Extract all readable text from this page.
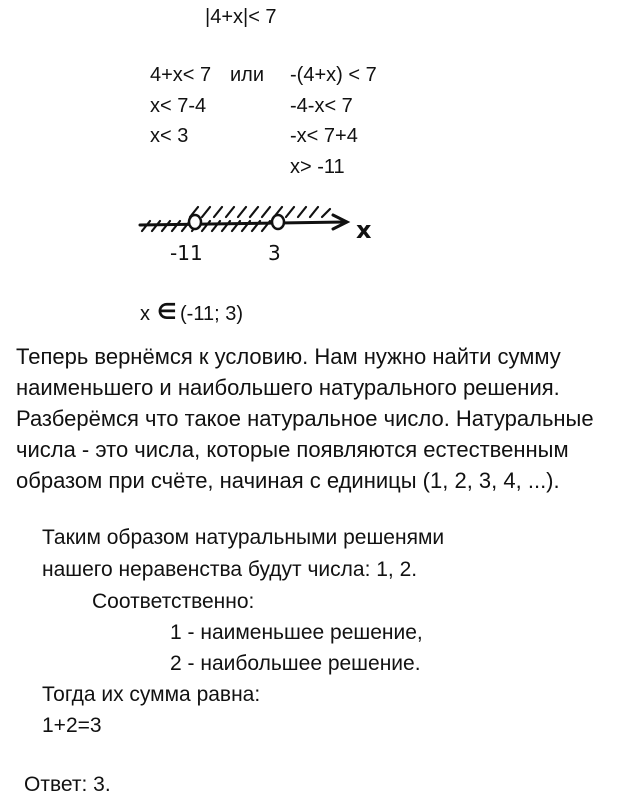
|4+x|< 7
4+x< 7 или
x< 7-4
x< 3
-(4+x) < 7
-4-x< 7
-x< 7+4
x> -11
x
-11	3
x ∈ (-11; 3)
Теперь вернёмся к условию. Нам нужно найти сумму
наименьшего и наибольшего натурального решения.
Разберёмся что такое натуральное число. Натуральные
числа - это числа, которые появляются естественным
образом при счёте, начиная с единицы (1, 2, 3, 4, ...).
Таким образом натуральными решенями
нашего неравенства будут числа: 1, 2.
Соответственно:
1 - наименьшее решение,
2 - наибольшее решение.
Тогда их сумма равна:
1+2=3
Ответ: 3.
